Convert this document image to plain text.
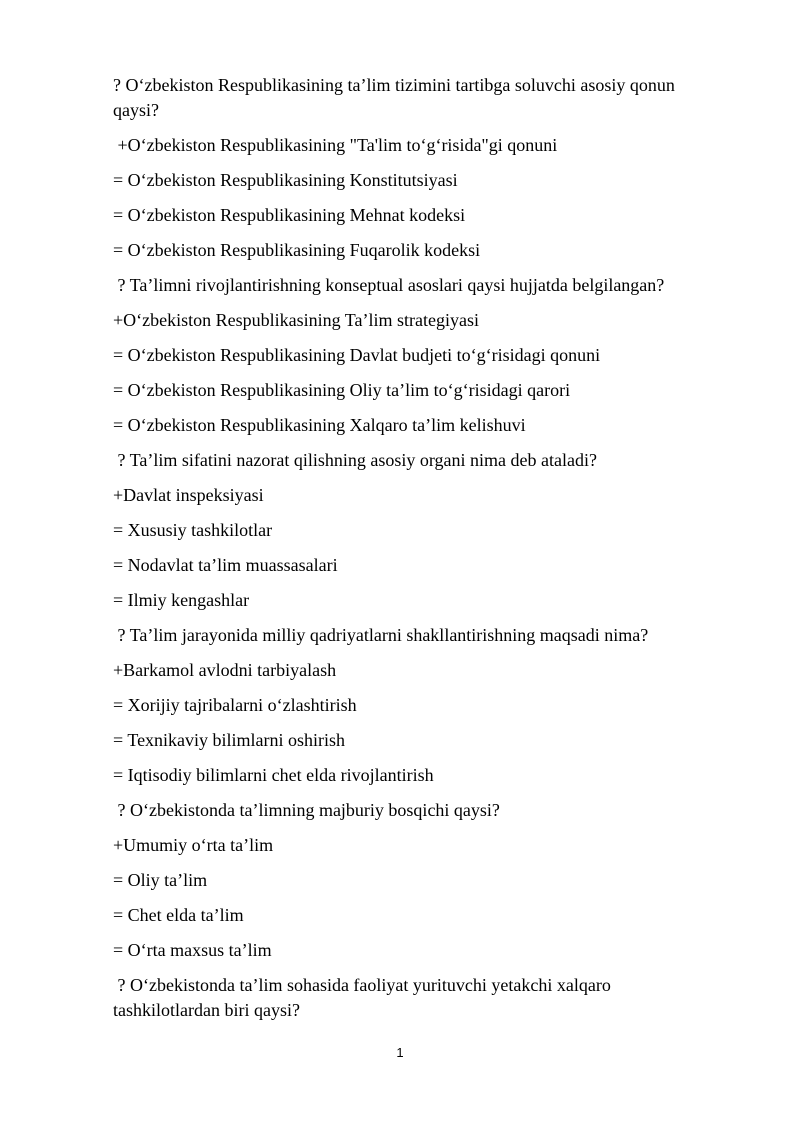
? O‘zbekiston Respublikasining ta’lim tizimini tartibga soluvchi asosiy qonun qaysi?
+O‘zbekiston Respublikasining "Ta'lim to‘g‘risida"gi qonuni
= O‘zbekiston Respublikasining Konstitutsiyasi
= O‘zbekiston Respublikasining Mehnat kodeksi
= O‘zbekiston Respublikasining Fuqarolik kodeksi
? Ta’limni rivojlantirishning konseptual asoslari qaysi hujjatda belgilangan?
+O‘zbekiston Respublikasining Ta’lim strategiyasi
= O‘zbekiston Respublikasining Davlat budjeti to‘g‘risidagi qonuni
= O‘zbekiston Respublikasining Oliy ta’lim to‘g‘risidagi qarori
= O‘zbekiston Respublikasining Xalqaro ta’lim kelishuvi
? Ta’lim sifatini nazorat qilishning asosiy organi nima deb ataladi?
+Davlat inspeksiyasi
= Xususiy tashkilotlar
= Nodavlat ta’lim muassasalari
= Ilmiy kengashlar
? Ta’lim jarayonida milliy qadriyatlarni shakllantirishning maqsadi nima?
+Barkamol avlodni tarbiyalash
= Xorijiy tajribalarni o‘zlashtirish
= Texnikaviy bilimlarni oshirish
= Iqtisodiy bilimlarni chet elda rivojlantirish
? O‘zbekistonda ta’limning majburiy bosqichi qaysi?
+Umumiy o‘rta ta’lim
= Oliy ta’lim
= Chet elda ta’lim
= O‘rta maxsus ta’lim
? O‘zbekistonda ta’lim sohasida faoliyat yurituvchi yetakchi xalqaro tashkilotlardan biri qaysi?
1
